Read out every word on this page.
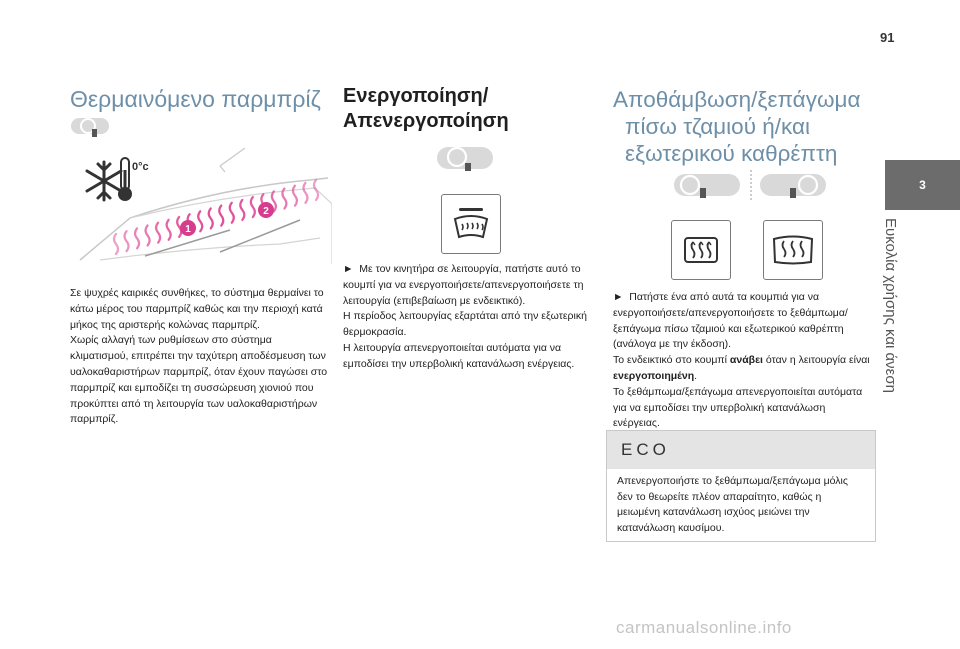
91
3
Ευκολία χρήσης και άνεση
Θερμαινόμενο παρμπρίζ
0°c
1
2

Σε ψυχρές καιρικές συνθήκες, το σύστημα θερμαίνει το κάτω μέρος του παρμπρίζ καθώς και την περιοχή κατά μήκος της αριστερής κολώνας παρμπρίζ.

Χωρίς αλλαγή των ρυθμίσεων στο σύστημα κλιματισμού, επιτρέπει την ταχύτερη αποδέσμευση των υαλοκαθαριστήρων παρμπρίζ, όταν έχουν παγώσει στο παρμπρίζ και εμποδίζει τη συσσώρευση χιονιού που προκύπτει από τη λειτουργία των υαλοκαθαριστήρων παρμπρίζ.

Ενεργοποίηση/
Απενεργοποίηση

► Με τον κινητήρα σε λειτουργία, πατήστε αυτό το κουμπί για να ενεργοποιήσετε/απενεργοποιήσετε τη λειτουργία (επιβεβαίωση με ενδεικτικό).

Η περίοδος λειτουργίας εξαρτάται από την εξωτερική θερμοκρασία.

Η λειτουργία απενεργοποιείται αυτόματα για να εμποδίσει την υπερβολική κατανάλωση ενέργειας.

Αποθάμβωση/ξεπάγωμα
πίσω τζαμιού ή/και
εξωτερικού καθρέπτη

► Πατήστε ένα από αυτά τα κουμπιά για να ενεργοποιήσετε/απενεργοποιήσετε το ξεθάμπωμα/ξεπάγωμα πίσω τζαμιού και εξωτερικού καθρέπτη (ανάλογα με την έκδοση).

Το ενδεικτικό στο κουμπί ανάβει όταν η λειτουργία είναι ενεργοποιημένη.

Το ξεθάμπωμα/ξεπάγωμα απενεργοποιείται αυτόματα για να εμποδίσει την υπερβολική κατανάλωση ενέργειας.

ECO
Απενεργοποιήστε το ξεθάμπωμα/ξεπάγωμα μόλις δεν το θεωρείτε πλέον απαραίτητο, καθώς η μειωμένη κατανάλωση ισχύος μειώνει την κατανάλωση καυσίμου.
carmanualsonline.info
